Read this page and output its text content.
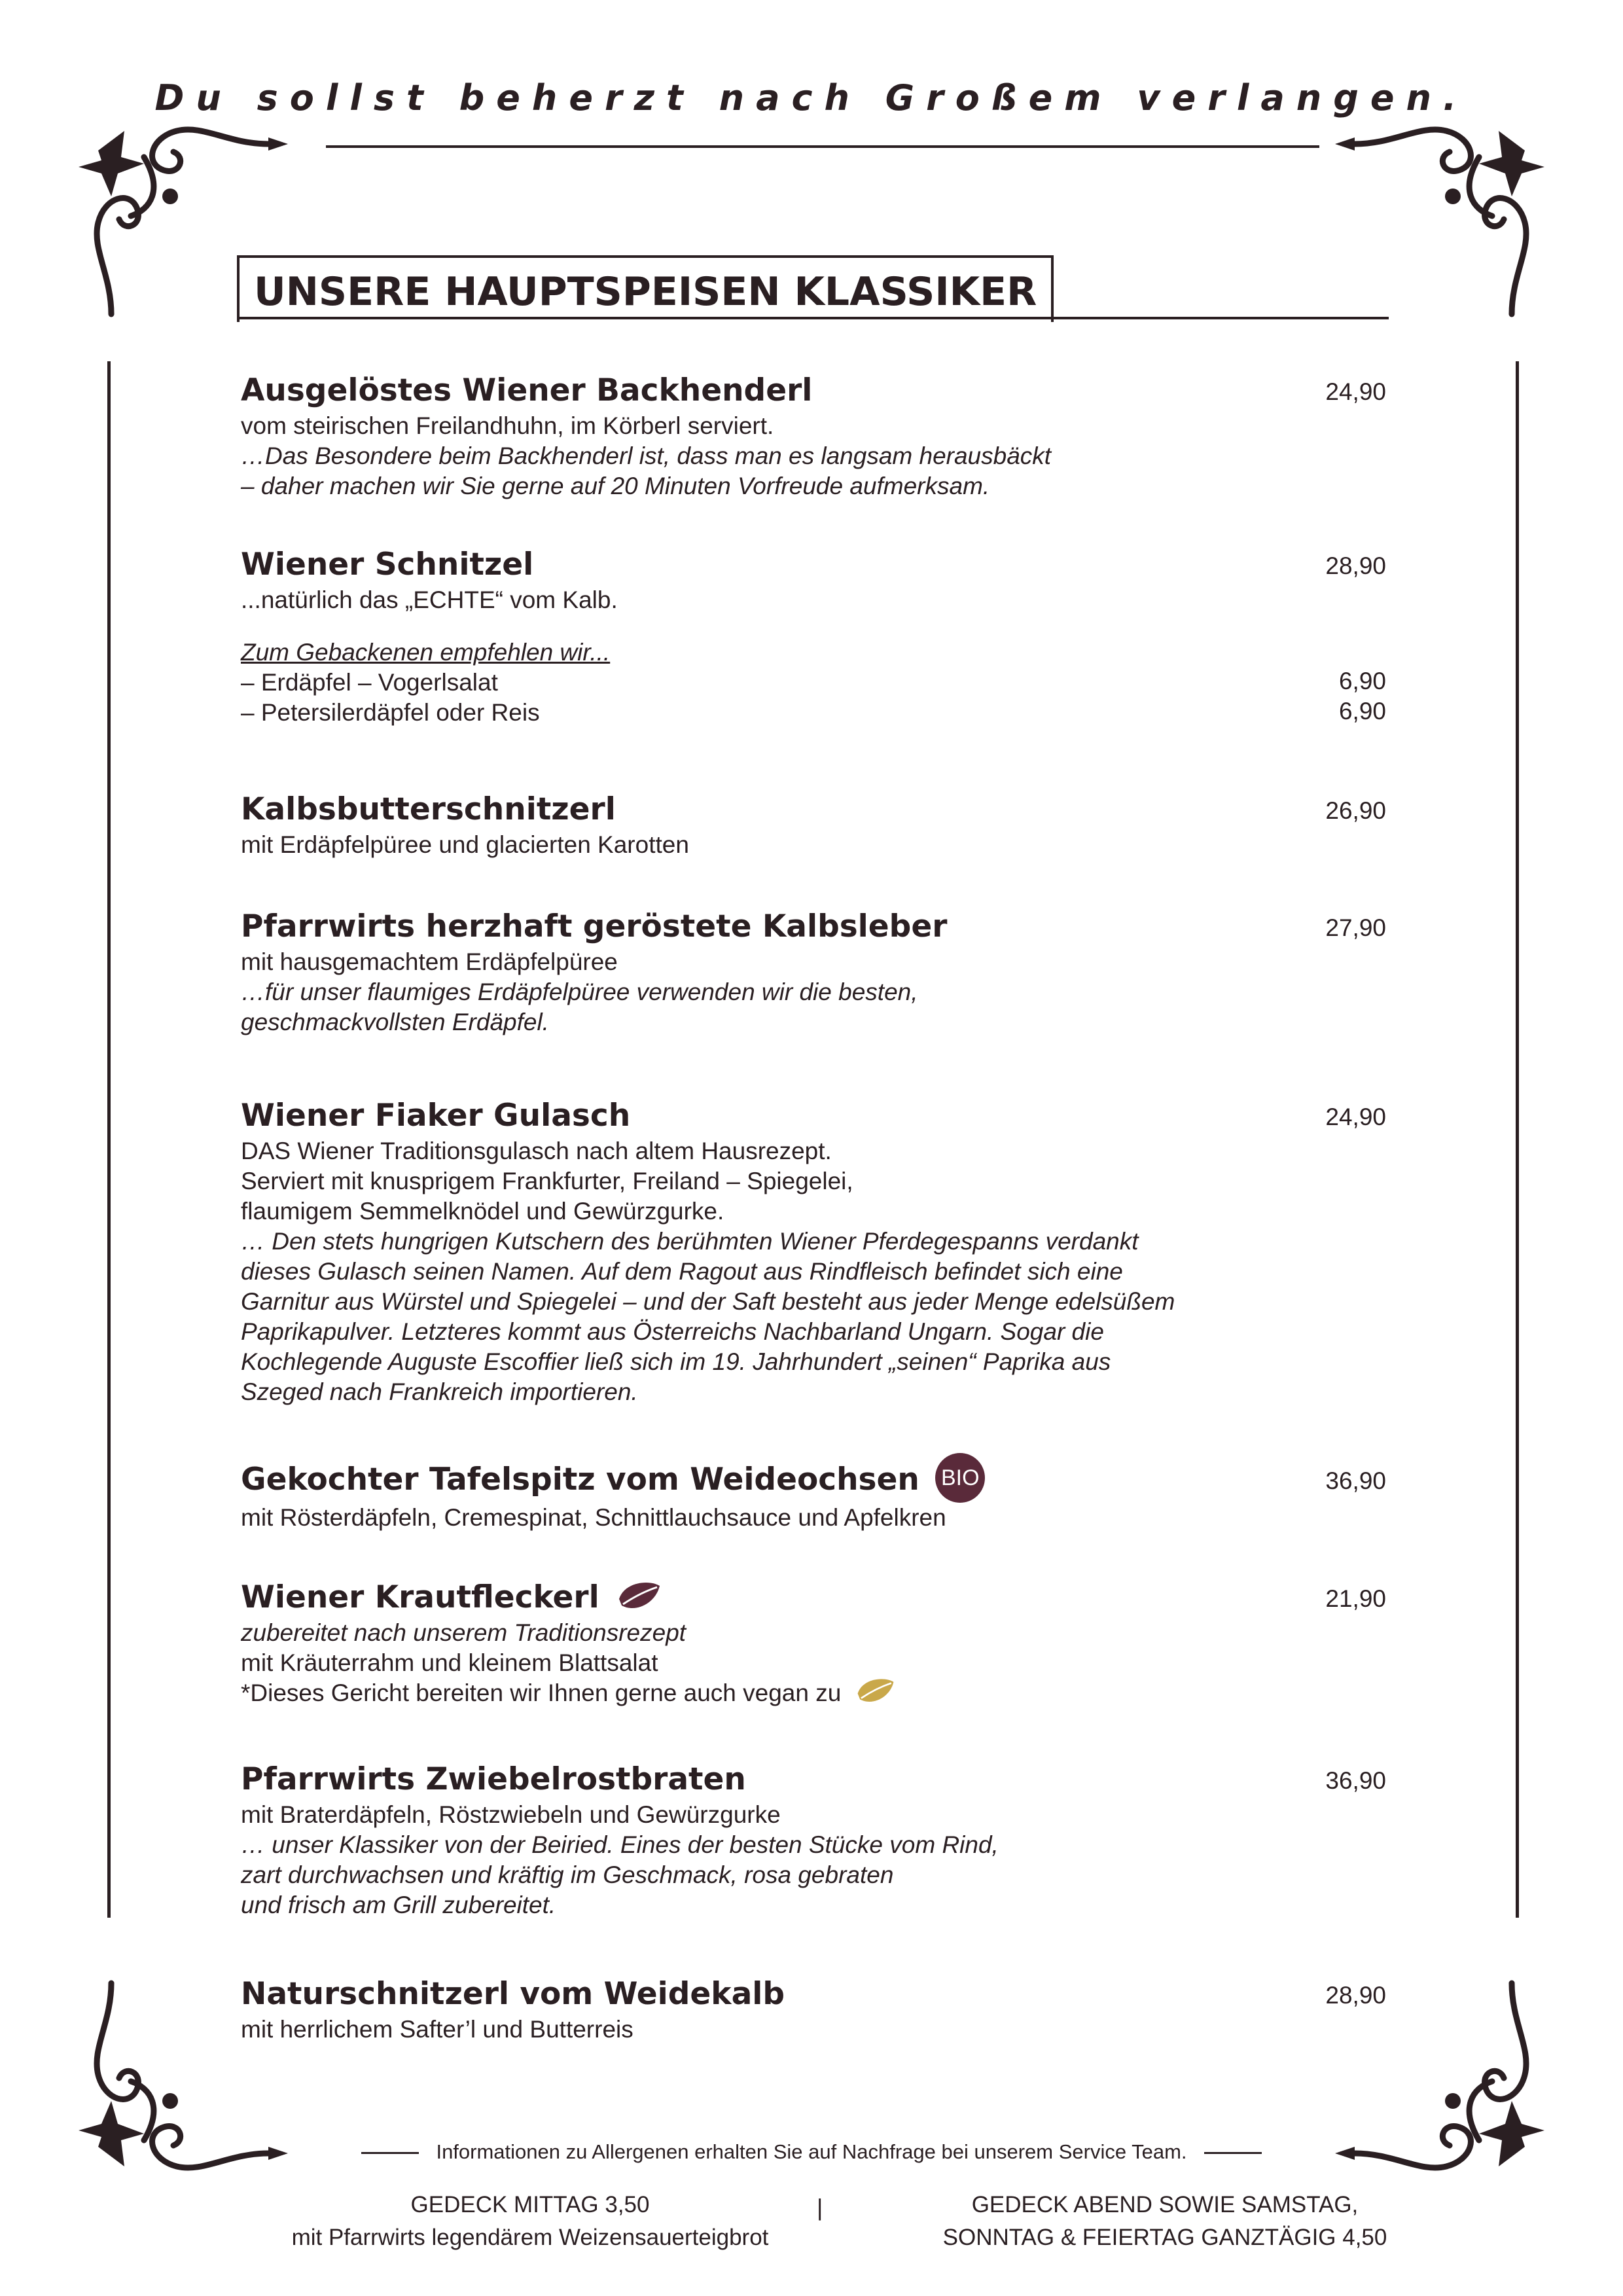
Du sollst beherzt nach Großem verlangen.
UNSERE HAUPTSPEISEN KLASSIKER
Ausgelöstes Wiener Backhenderl	24,90
vom steirischen Freilandhuhn, im Körberl serviert.
…Das Besondere beim Backhenderl ist, dass man es langsam herausbäckt
– daher machen wir Sie gerne auf 20 Minuten Vorfreude aufmerksam.
Wiener Schnitzel	28,90
...natürlich das „ECHTE“ vom Kalb.
Zum Gebackenen empfehlen wir...
– Erdäpfel – Vogerlsalat	6,90
– Petersilerdäpfel oder Reis	6,90
Kalbsbutterschnitzerl	26,90
mit Erdäpfelpüree und glacierten Karotten
Pfarrwirts herzhaft geröstete Kalbsleber	27,90
mit hausgemachtem Erdäpfelpüree
…für unser flaumiges Erdäpfelpüree verwenden wir die besten,
geschmackvollsten Erdäpfel.
Wiener Fiaker Gulasch	24,90
DAS Wiener Traditionsgulasch nach altem Hausrezept.
Serviert mit knusprigem Frankfurter, Freiland – Spiegelei,
flaumigem Semmelknödel und Gewürzgurke.
… Den stets hungrigen Kutschern des berühmten Wiener Pferdegespanns verdankt
dieses Gulasch seinen Namen. Auf dem Ragout aus Rindfleisch befindet sich eine
Garnitur aus Würstel und Spiegelei – und der Saft besteht aus jeder Menge edelsüßem
Paprikapulver. Letzteres kommt aus Österreichs Nachbarland Ungarn. Sogar die
Kochlegende Auguste Escoffier ließ sich im 19. Jahrhundert „seinen“ Paprika aus
Szeged nach Frankreich importieren.
Gekochter Tafelspitz vom Weideochsen BIO	36,90
mit Rösterdäpfeln, Cremespinat, Schnittlauchsauce und Apfelkren
Wiener Krautfleckerl	21,90
zubereitet nach unserem Traditionsrezept
mit Kräuterrahm und kleinem Blattsalat
*Dieses Gericht bereiten wir Ihnen gerne auch vegan zu
Pfarrwirts Zwiebelrostbraten	36,90
mit Braterdäpfeln, Röstzwiebeln und Gewürzgurke
… unser Klassiker von der Beiried. Eines der besten Stücke vom Rind,
zart durchwachsen und kräftig im Geschmack, rosa gebraten
und frisch am Grill zubereitet.
Naturschnitzerl vom Weidekalb	28,90
mit herrlichem Safter’l und Butterreis
Informationen zu Allergenen erhalten Sie auf Nachfrage bei unserem Service Team.
GEDECK MITTAG 3,50
mit Pfarrwirts legendärem Weizensauerteigbrot
|	GEDECK ABEND SOWIE SAMSTAG,
SONNTAG & FEIERTAG GANZTÄGIG 4,50
